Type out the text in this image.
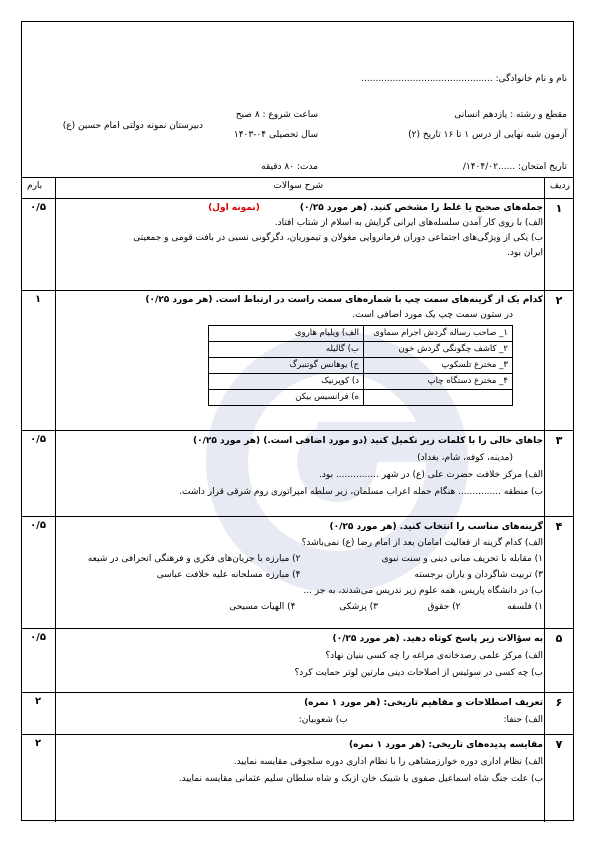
نام و نام خانوادگی: ..............................................
مقطع و رشته : یازدهم انسانی
ساعت شروع : ۸ صبح
دبیرستان نمونه دولتی امام حسین (ع)
آزمون شبه نهایی از درس ۱ تا ۱۶ تاریخ (۲)
سال تحصیلی ۰۴-۱۴۰۳
تاریخ امتحان: ......۱۴۰۴/۰۲/
مدت: ۸۰ دقیقه
ردیف
شرح سوالات
بارم
۱
جمله‌های صحیح یا غلط را مشخص کنید. (هر مورد ۰/۲۵)              (نمونه اول)
الف) با روی کار آمدن سلسله‌های ایرانی گرایش به اسلام از شتاب افتاد.
ب) یکی از ویژگی‌های اجتماعی دوران فرمانروایی مغولان و تیموریان، دگرگونی نسبی در بافت قومی و جمعیتی
ایران بود.
۰/۵
۲
کدام یک از گزینه‌های سمت چپ با شماره‌های سمت راست در ارتباط است. (هر مورد ۰/۲۵)
در ستون سمت چپ یک مورد اضافی است.
۱_ صاحب رساله گردش اجرام سماوی	الف) ویلیام هاروی
۲_ کاشف چگونگی گردش خون	ب) گالیله
۳_ مخترع تلسکوپ	ج) یوهانس گوتنبرگ
۴_ مخترع دستگاه چاپ	د) کوپرنیک
	ه) فرانسیس بیکن
۱
۳
جاهای خالی را با کلمات زیر تکمیل کنید (دو مورد اضافی است.) (هر مورد ۰/۲۵)
(مدینه، کوفه، شام، بغداد)
الف) مرکز خلافت حضرت علی (ع) در شهر ............... بود.
ب) منطقه ............... هنگام حمله اعراب مسلمان، زیر سلطه امپراتوری روم شرقی قرار داشت.
۰/۵
۴
گزینه‌های مناسب را انتخاب کنید. (هر مورد ۰/۲۵)
الف) کدام گزینه از فعالیت امامان بعد از امام رضا (ع) نمی‌باشد؟
۱) مقابله با تحریف مبانی دینی و سنت نبوی
۲) مبارزه با جریان‌های فکری و فرهنگی انحرافی در شیعه
۳) تربیت شاگردان و یاران برجسته
۴) مبارزه مسلحانه علیه خلافت عباسی
ب) در دانشگاه پاریس، همه علوم زیر تدریس می‌شدند، به جز ...
۱) فلسفه
۲) حقوق
۳) پزشکی
۴) الهیات مسیحی
۰/۵
۵
به سؤالات زیر پاسخ کوتاه دهید. (هر مورد ۰/۲۵)
الف) مرکز علمی رصدخانه‌ی مراغه را چه کسی بنیان نهاد؟
ب) چه کسی در سوئیس از اصلاحات دینی مارتین لوتر حمایت کرد؟
۰/۵
۶
تعریف اصطلاحات و مفاهیم تاریخی: (هر مورد ۱ نمره)
الف) حنفا:  ب) شعوبیان:
۲
۷
مقایسه پدیده‌های تاریخی: (هر مورد ۱ نمره)
الف) نظام اداری دوره خوارزمشاهی را با نظام اداری دوره سلجوقی مقایسه نمایید.
ب) علت جنگ شاه اسماعیل صفوی با شیبک خان ازبک و شاه سلطان سلیم عثمانی مقایسه نمایید.
۲
